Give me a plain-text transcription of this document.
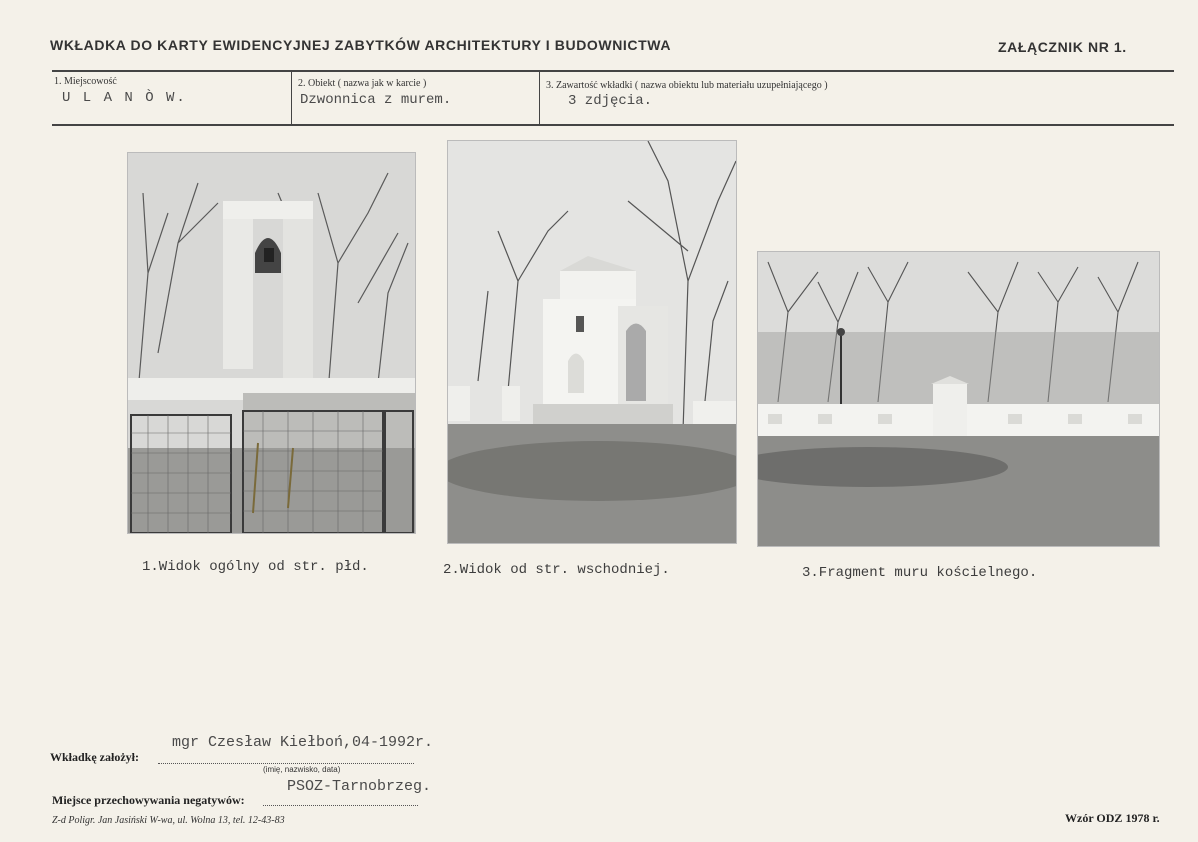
WKŁADKA DO KARTY EWIDENCYJNEJ ZABYTKÓW ARCHITEKTURY I BUDOWNICTWA	ZAŁĄCZNIK NR 1.
1. Miejscowość
U L A N Ò W.
2. Obiekt ( nazwa jak w karcie )
Dzwonnica z murem.
3. Zawartość wkładki ( nazwa obiektu lub materiału uzupełniającego )
3 zdjęcia.
1.Widok ogólny od str. płd.	2.Widok od str. wschodniej.	3.Fragment muru kościelnego.
mgr Czesław Kiełboń,04-1992r.
Wkładkę założył:
(imię, nazwisko, data)
PSOZ-Tarnobrzeg.
Miejsce przechowywania negatywów:
Z-d Poligr. Jan Jasiński W-wa, ul. Wolna 13, tel. 12-43-83	Wzór ODZ 1978 r.
